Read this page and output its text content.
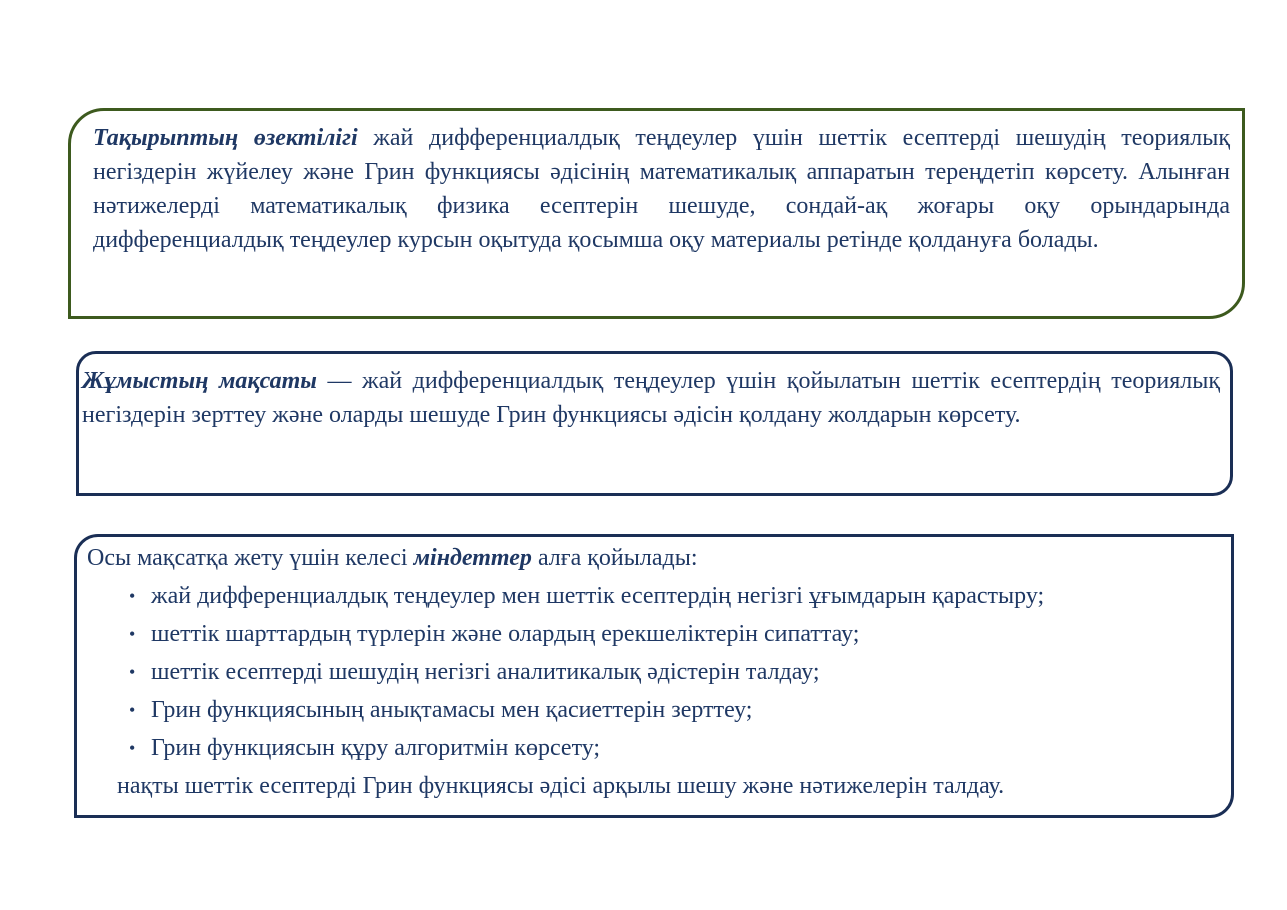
Тақырыптың өзектілігі жай дифференциалдық теңдеулер үшін шеттік есептерді шешудің теориялық негіздерін жүйелеу және Грин функциясы әдісінің математикалық аппаратын тереңдетіп көрсету. Алынған нәтижелерді математикалық физика есептерін шешуде, сондай-ақ жоғары оқу орындарында дифференциалдық теңдеулер курсын оқытуда қосымша оқу материалы ретінде қолдануға болады.

Жұмыстың мақсаты — жай дифференциалдық теңдеулер үшін қойылатын шеттік есептердің теориялық негіздерін зерттеу және оларды шешуде Грин функциясы әдісін қолдану жолдарын көрсету.

Осы мақсатқа жету үшін келесі міндеттер алға қойылады:

• жай дифференциалдық теңдеулер мен шеттік есептердің негізгі ұғымдарын қарастыру;
• шеттік шарттардың түрлерін және олардың ерекшеліктерін сипаттау;
• шеттік есептерді шешудің негізгі аналитикалық әдістерін талдау;
• Грин функциясының анықтамасы мен қасиеттерін зерттеу;
• Грин функциясын құру алгоритмін көрсету;

нақты шеттік есептерді Грин функциясы әдісі арқылы шешу және нәтижелерін талдау.
